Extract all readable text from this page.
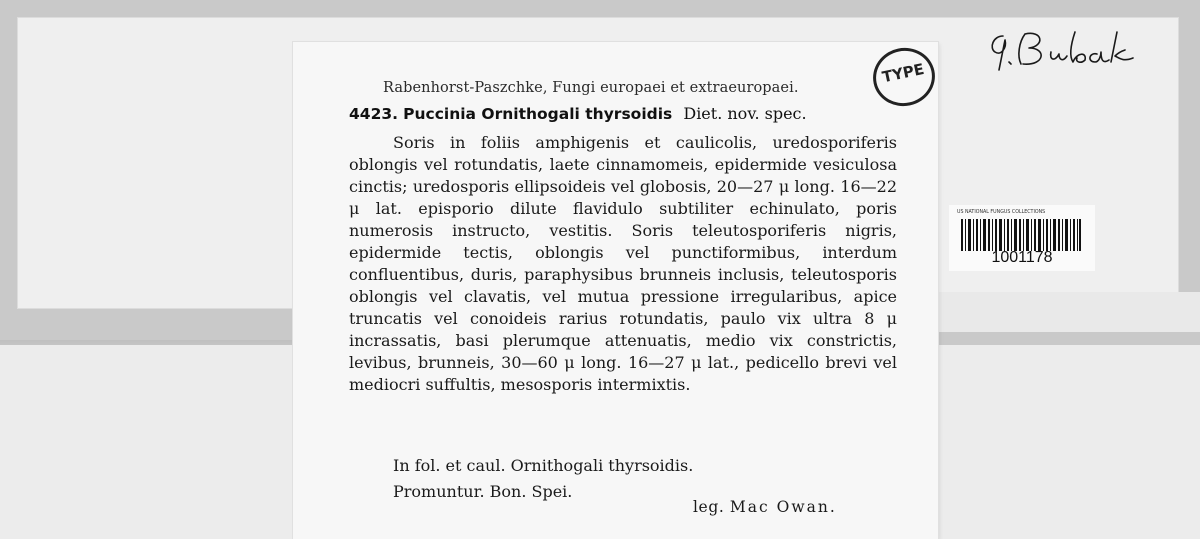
Rabenhorst-Paszchke, Fungi europaei et extraeuropaei.
4423. Puccinia Ornithogali thyrsoidis Diet. nov. spec.

Soris in foliis amphigenis et caulicolis, uredosporiferis oblongis vel rotundatis, laete cinnamomeis, epidermide vesiculosa cinctis; uredosporis ellipsoideis vel globosis, 20—27 μ long. 16—22 μ lat. episporio dilute flavidulo subtiliter echinulato, poris numerosis instructo, vestitis. Soris teleutosporiferis nigris, epidermide tectis, oblongis vel punctiformibus, interdum confluentibus, duris, paraphysibus brunneis inclusis, teleutosporis oblongis vel clavatis, vel mutua pressione irregularibus, apice truncatis vel conoideis rarius rotundatis, paulo vix ultra 8 μ incrassatis, basi plerumque attenuatis, medio vix constrictis, levibus, brunneis, 30—60 μ long. 16—27 μ lat., pedicello brevi vel mediocri suffultis, mesosporis intermixtis.

In fol. et caul. Ornithogali thyrsoidis.
Promuntur. Bon. Spei.
leg. Mac Owan.
TYPE
US NATIONAL FUNGUS COLLECTIONS
1001178
